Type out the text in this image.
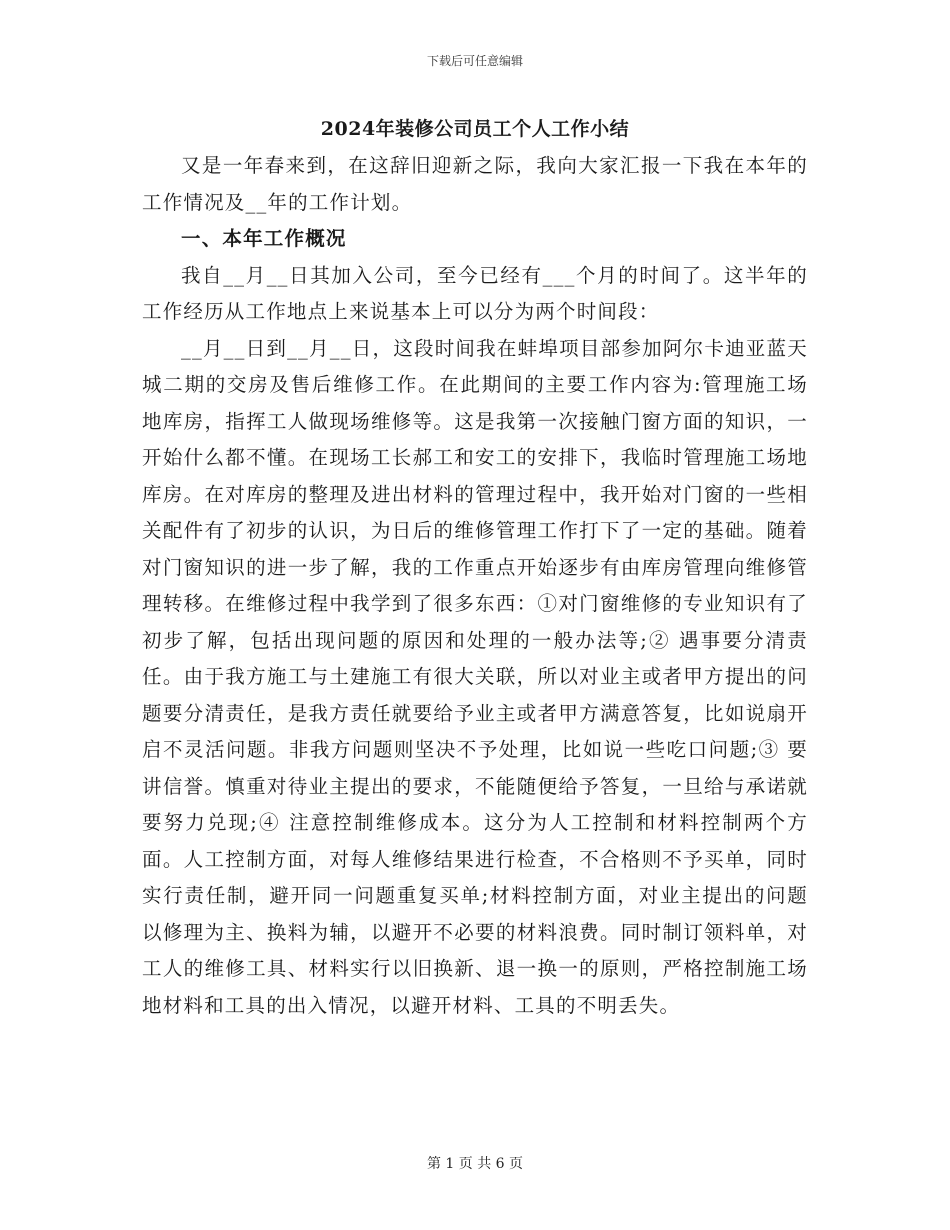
下载后可任意编辑
2024年装修公司员工个人工作小结

又是一年春来到，在这辞旧迎新之际，我向大家汇报一下我在本年的工作情况及__年的工作计划。

一、本年工作概况

我自__月__日其加入公司，至今已经有___个月的时间了。这半年的工作经历从工作地点上来说基本上可以分为两个时间段：

__月__日到__月__日，这段时间我在蚌埠项目部参加阿尔卡迪亚蓝天城二期的交房及售后维修工作。在此期间的主要工作内容为:管理施工场地库房，指挥工人做现场维修等。这是我第一次接触门窗方面的知识，一开始什么都不懂。在现场工长郝工和安工的安排下，我临时管理施工场地库房。在对库房的整理及进出材料的管理过程中，我开始对门窗的一些相关配件有了初步的认识，为日后的维修管理工作打下了一定的基础。随着对门窗知识的进一步了解，我的工作重点开始逐步有由库房管理向维修管理转移。在维修过程中我学到了很多东西：①对门窗维修的专业知识有了初步了解，包括出现问题的原因和处理的一般办法等;② 遇事要分清责任。由于我方施工与土建施工有很大关联，所以对业主或者甲方提出的问题要分清责任，是我方责任就要给予业主或者甲方满意答复，比如说扇开启不灵活问题。非我方问题则坚决不予处理，比如说一些吃口问题;③ 要讲信誉。慎重对待业主提出的要求，不能随便给予答复，一旦给与承诺就要努力兑现;④ 注意控制维修成本。这分为人工控制和材料控制两个方面。人工控制方面，对每人维修结果进行检查，不合格则不予买单，同时实行责任制，避开同一问题重复买单;材料控制方面，对业主提出的问题以修理为主、换料为辅，以避开不必要的材料浪费。同时制订领料单，对工人的维修工具、材料实行以旧换新、退一换一的原则，严格控制施工场地材料和工具的出入情况，以避开材料、工具的不明丢失。

第 1 页 共 6 页
